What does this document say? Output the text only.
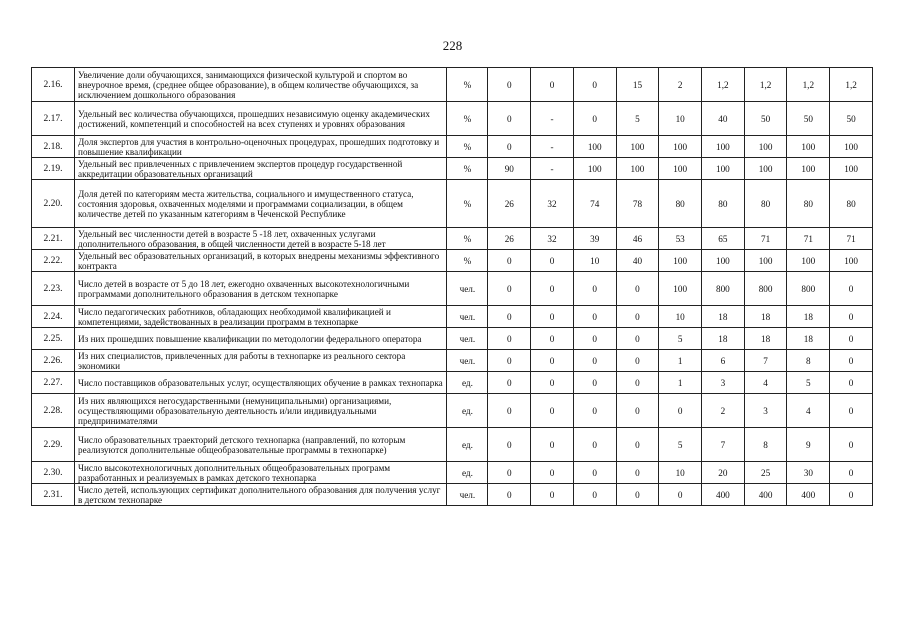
228
2.16.	Увеличение доли обучающихся, занимающихся физической культурой и спортом во внеурочное время, (среднее общее образование), в общем количестве обучающихся, за исключением дошкольного образования	%	0	0	0	15	2	1,2	1,2	1,2	1,2
2.17.	Удельный вес количества обучающихся, прошедших независимую оценку академических достижений, компетенций и способностей на всех ступенях и уровнях образования	%	0	-	0	5	10	40	50	50	50
2.18.	Доля экспертов для участия в контрольно-оценочных процедурах, прошедших подготовку и повышение квалификации	%	0	-	100	100	100	100	100	100	100
2.19.	Удельный вес привлеченных с привлечением экспертов процедур государственной аккредитации образовательных организаций	%	90	-	100	100	100	100	100	100	100
2.20.	Доля детей по категориям места жительства, социального и имущественного статуса, состояния здоровья, охваченных моделями и программами социализации, в общем количестве детей по указанным категориям в Чеченской Республике	%	26	32	74	78	80	80	80	80	80
2.21.	Удельный вес численности детей в возрасте 5 -18 лет, охваченных услугами дополнительного образования, в общей численности детей в возрасте 5-18 лет	%	26	32	39	46	53	65	71	71	71
2.22.	Удельный вес образовательных организаций, в которых внедрены механизмы эффективного контракта	%	0	0	10	40	100	100	100	100	100
2.23.	Число детей в возрасте от 5 до 18 лет, ежегодно охваченных высокотехнологичными программами дополнительного образования в детском технопарке	чел.	0	0	0	0	100	800	800	800	0
2.24.	Число педагогических работников, обладающих необходимой квалификацией и компетенциями, задействованных в реализации программ в технопарке	чел.	0	0	0	0	10	18	18	18	0
2.25.	Из них прошедших повышение квалификации по методологии федерального оператора	чел.	0	0	0	0	5	18	18	18	0
2.26.	Из них специалистов, привлеченных для работы в технопарке из реального сектора экономики	чел.	0	0	0	0	1	6	7	8	0
2.27.	Число поставщиков образовательных услуг, осуществляющих обучение в рамках технопарка	ед.	0	0	0	0	1	3	4	5	0
2.28.	Из них являющихся негосударственными (немуниципальными) организациями, осуществляющими образовательную деятельность и/или индивидуальными предпринимателями	ед.	0	0	0	0	0	2	3	4	0
2.29.	Число образовательных траекторий детского технопарка (направлений, по которым реализуются дополнительные общеобразовательные программы в технопарке)	ед.	0	0	0	0	5	7	8	9	0
2.30.	Число высокотехнологичных дополнительных общеобразовательных программ разработанных и реализуемых в рамках детского технопарка	ед.	0	0	0	0	10	20	25	30	0
2.31.	Число детей, использующих сертификат дополнительного образования для получения услуг в детском технопарке	чел.	0	0	0	0	0	400	400	400	0
